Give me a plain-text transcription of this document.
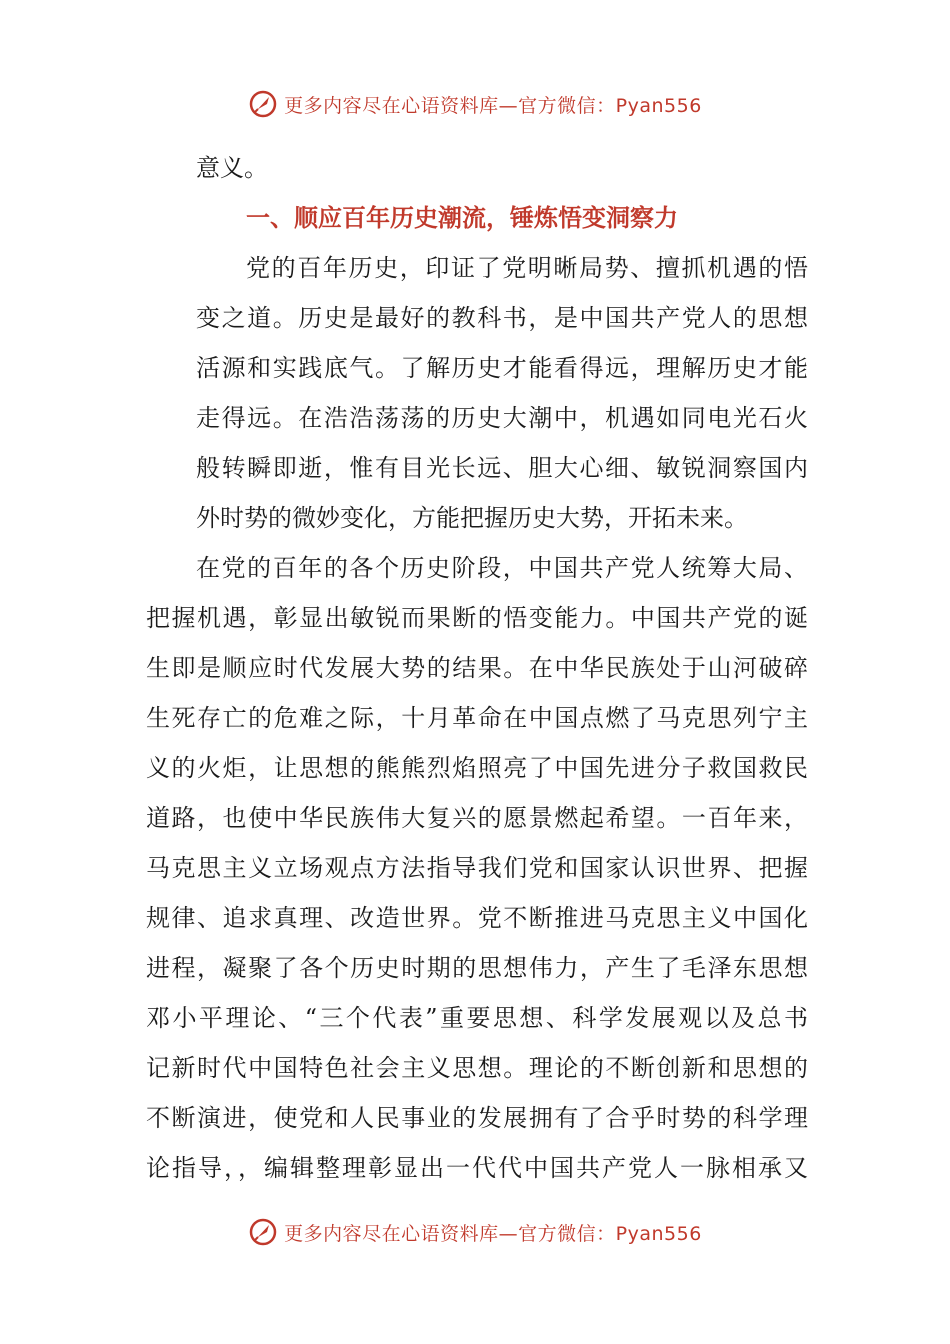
更多内容尽在心语资料库—官方微信：Pyan556
意义。
一、顺应百年历史潮流，锤炼悟变洞察力
党的百年历史，印证了党明晰局势、擅抓机遇的悟
变之道。历史是最好的教科书，是中国共产党人的思想
活源和实践底气。了解历史才能看得远，理解历史才能
走得远。在浩浩荡荡的历史大潮中，机遇如同电光石火
般转瞬即逝，惟有目光长远、胆大心细、敏锐洞察国内
外时势的微妙变化，方能把握历史大势，开拓未来。
在党的百年的各个历史阶段，中国共产党人统筹大局、
把握机遇，彰显出敏锐而果断的悟变能力。中国共产党的诞
生即是顺应时代发展大势的结果。在中华民族处于山河破碎
生死存亡的危难之际，十月革命在中国点燃了马克思列宁主
义的火炬，让思想的熊熊烈焰照亮了中国先进分子救国救民
道路，也使中华民族伟大复兴的愿景燃起希望。一百年来，
马克思主义立场观点方法指导我们党和国家认识世界、把握
规律、追求真理、改造世界。党不断推进马克思主义中国化
进程，凝聚了各个历史时期的思想伟力，产生了毛泽东思想
邓小平理论、“三个代表”重要思想、科学发展观以及总书
记新时代中国特色社会主义思想。理论的不断创新和思想的
不断演进，使党和人民事业的发展拥有了合乎时势的科学理
论指导，，编辑整理彰显出一代代中国共产党人一脉相承又
更多内容尽在心语资料库—官方微信：Pyan556
